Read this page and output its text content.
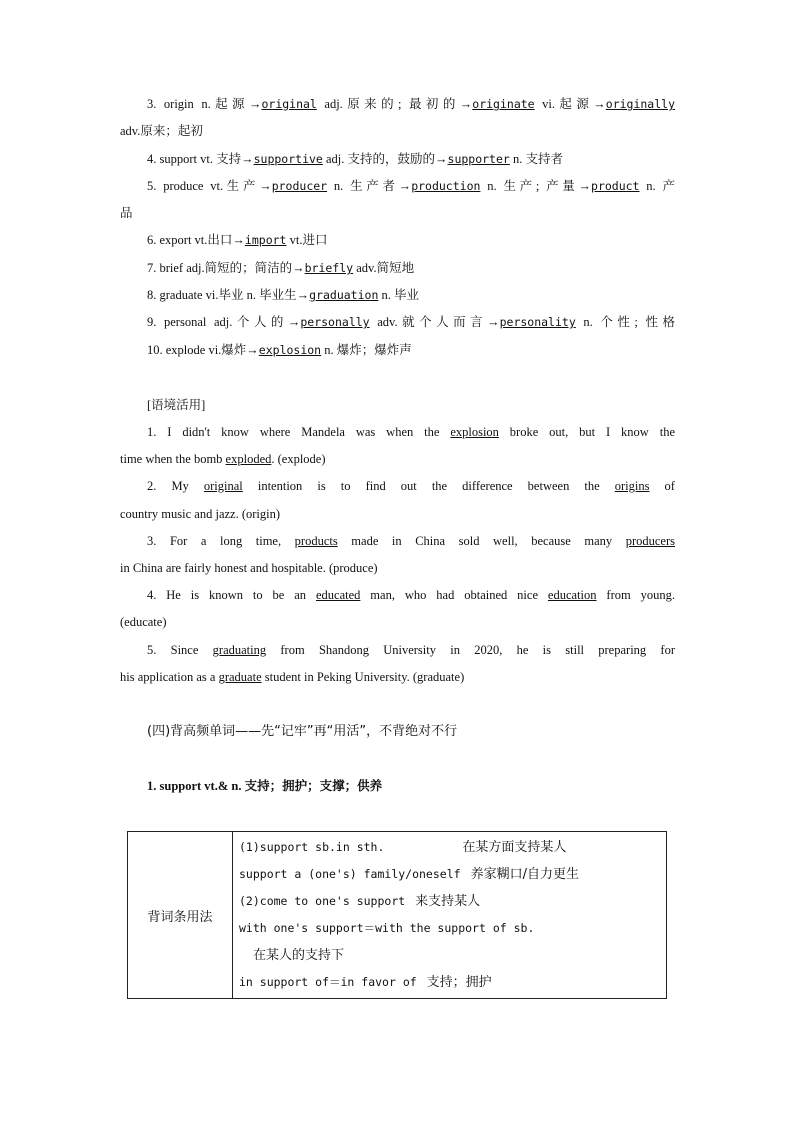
3. origin n.起源→original adj.原来的; 最初的→originate vi.起源→originally
adv.原来；起初
4. support vt. 支持→supportive adj. 支持的，鼓励的→supporter n. 支持者
5. produce vt.生产→producer n. 生产者→production n. 生产; 产量→product n. 产
品
6. export vt.出口→import vt.进口
7. brief adj.简短的；简洁的→briefly adv.简短地
8. graduate vi.毕业 n. 毕业生→graduation n. 毕业
9. personal adj.个人的→personally adv.就个人而言→personality n. 个性; 性格
10. explode vi.爆炸→explosion n. 爆炸；爆炸声
[语境活用]
1. I didn't know where Mandela was when the explosion broke out, but I know the
time when the bomb exploded. (explode)
2. My original intention is to find out the difference between the origins of
country music and jazz. (origin)
3. For a long time, products made in China sold well, because many producers
in China are fairly honest and hospitable. (produce)
4. He is known to be an educated man, who had obtained nice education from young.
(educate)
5. Since graduating from Shandong University in 2020, he is still preparing for
his application as a graduate student in Peking University. (graduate)
(四)背高频单词——先“记牢”再“用活”，不背绝对不行
1. support vt.& n. 支持；拥护；支撑；供养
背词条用法	
(1)support sb.in sth.	在某方面支持某人
support a (one's) family/oneself 养家糊口/自力更生
(2)come to one's support 来支持某人
with one's support＝with the support of sb.
在某人的支持下
in support of＝in favor of 支持；拥护
